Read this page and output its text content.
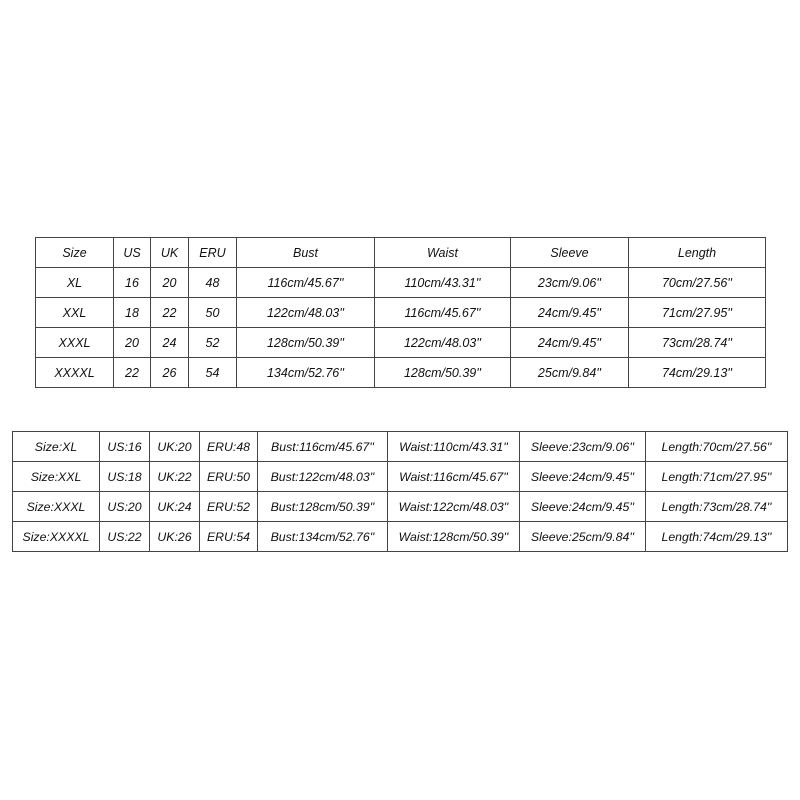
Size	US	UK	ERU	Bust	Waist	Sleeve	Length
XL	16	20	48	116cm/45.67''	110cm/43.31''	23cm/9.06''	70cm/27.56''
XXL	18	22	50	122cm/48.03''	116cm/45.67''	24cm/9.45''	71cm/27.95''
XXXL	20	24	52	128cm/50.39''	122cm/48.03''	24cm/9.45''	73cm/28.74''
XXXXL	22	26	54	134cm/52.76''	128cm/50.39''	25cm/9.84''	74cm/29.13''
Size:XL	US:16	UK:20	ERU:48	Bust:116cm/45.67''	Waist:110cm/43.31''	Sleeve:23cm/9.06''	Length:70cm/27.56''
Size:XXL	US:18	UK:22	ERU:50	Bust:122cm/48.03''	Waist:116cm/45.67''	Sleeve:24cm/9.45''	Length:71cm/27.95''
Size:XXXL	US:20	UK:24	ERU:52	Bust:128cm/50.39''	Waist:122cm/48.03''	Sleeve:24cm/9.45''	Length:73cm/28.74''
Size:XXXXL	US:22	UK:26	ERU:54	Bust:134cm/52.76''	Waist:128cm/50.39''	Sleeve:25cm/9.84''	Length:74cm/29.13''
